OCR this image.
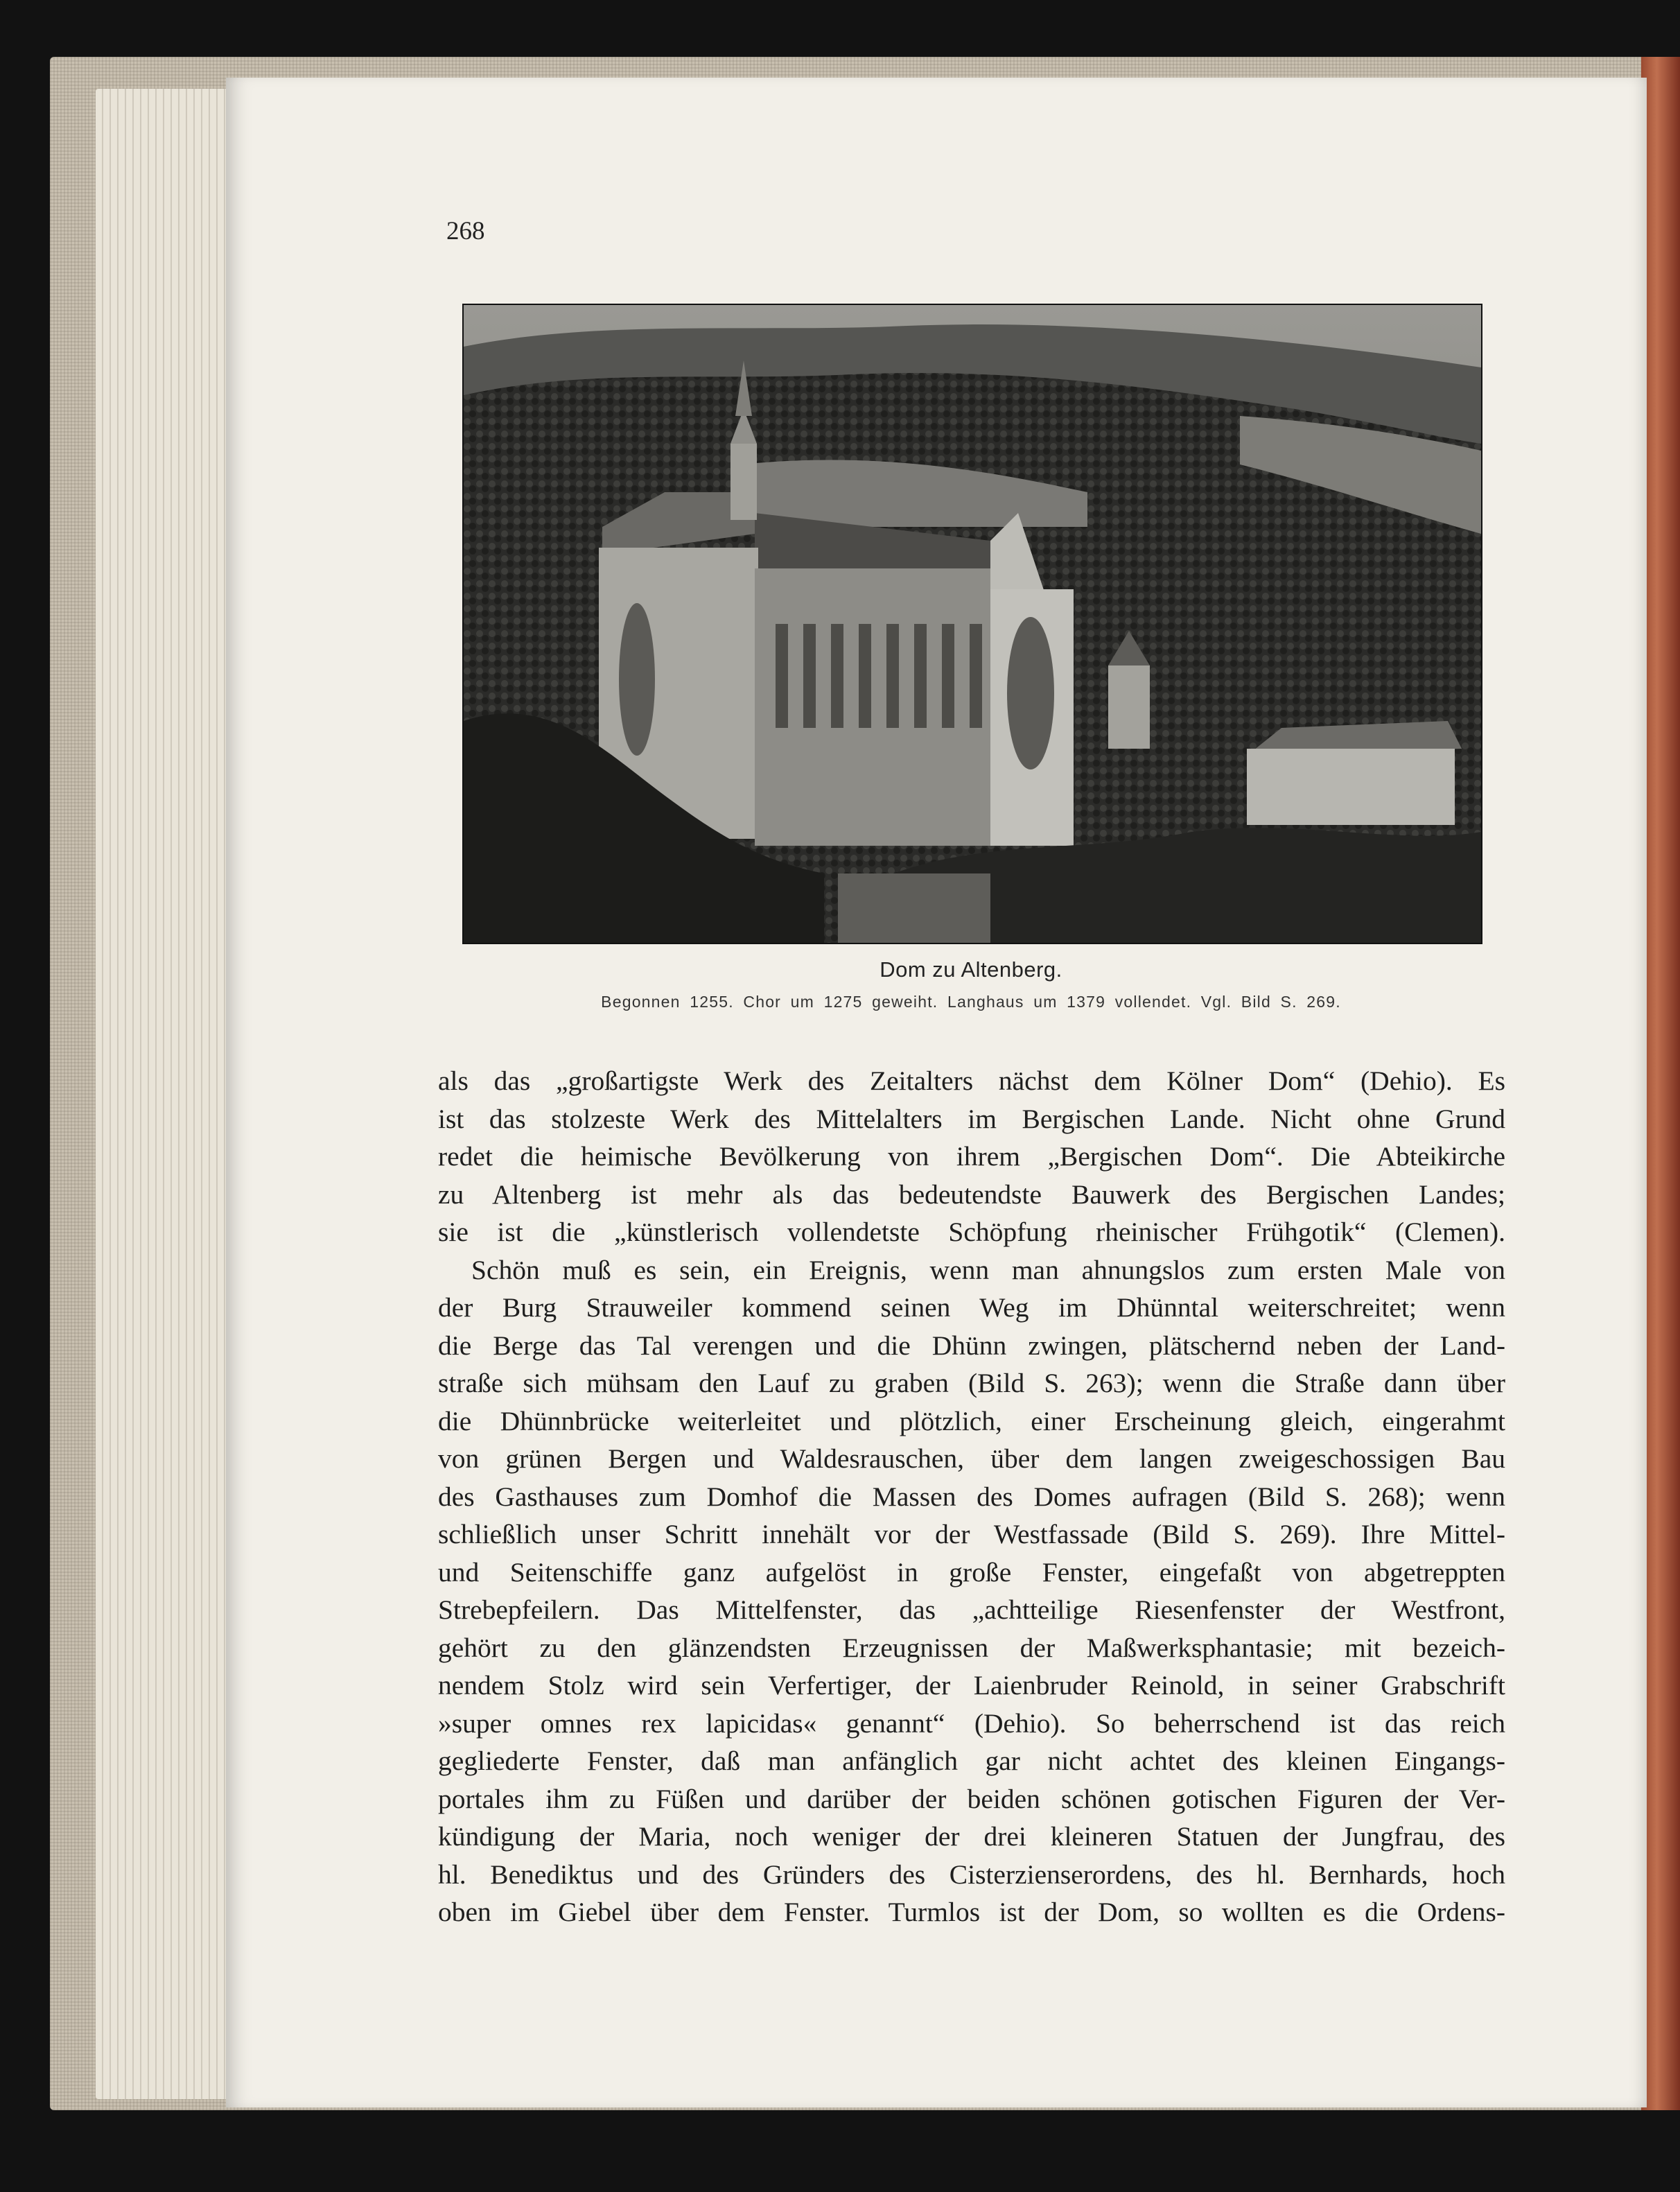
268
Dom zu Altenberg.
Begonnen 1255. Chor um 1275 geweiht. Langhaus um 1379 vollendet. Vgl. Bild S. 269.
als das „großartigste Werk des Zeitalters nächst dem Kölner Dom“ (Dehio). Es
ist das stolzeste Werk des Mittelalters im Bergischen Lande. Nicht ohne Grund
redet die heimische Bevölkerung von ihrem „Bergischen Dom“. Die Abteikirche
zu Altenberg ist mehr als das bedeutendste Bauwerk des Bergischen Landes;
sie ist die „künstlerisch vollendetste Schöpfung rheinischer Frühgotik“ (Clemen).
Schön muß es sein, ein Ereignis, wenn man ahnungslos zum ersten Male von
der Burg Strauweiler kommend seinen Weg im Dhünntal weiterschreitet; wenn
die Berge das Tal verengen und die Dhünn zwingen, plätschernd neben der Land-
straße sich mühsam den Lauf zu graben (Bild S. 263); wenn die Straße dann über
die Dhünnbrücke weiterleitet und plötzlich, einer Erscheinung gleich, eingerahmt
von grünen Bergen und Waldesrauschen, über dem langen zweigeschossigen Bau
des Gasthauses zum Domhof die Massen des Domes aufragen (Bild S. 268); wenn
schließlich unser Schritt innehält vor der Westfassade (Bild S. 269). Ihre Mittel-
und Seitenschiffe ganz aufgelöst in große Fenster, eingefaßt von abgetreppten
Strebepfeilern. Das Mittelfenster, das „achtteilige Riesenfenster der Westfront,
gehört zu den glänzendsten Erzeugnissen der Maßwerksphantasie; mit bezeich-
nendem Stolz wird sein Verfertiger, der Laienbruder Reinold, in seiner Grabschrift
»super omnes rex lapicidas« genannt“ (Dehio). So beherrschend ist das reich
gegliederte Fenster, daß man anfänglich gar nicht achtet des kleinen Eingangs-
portales ihm zu Füßen und darüber der beiden schönen gotischen Figuren der Ver-
kündigung der Maria, noch weniger der drei kleineren Statuen der Jungfrau, des
hl. Benediktus und des Gründers des Cisterzienserordens, des hl. Bernhards, hoch
oben im Giebel über dem Fenster. Turmlos ist der Dom, so wollten es die Ordens-
